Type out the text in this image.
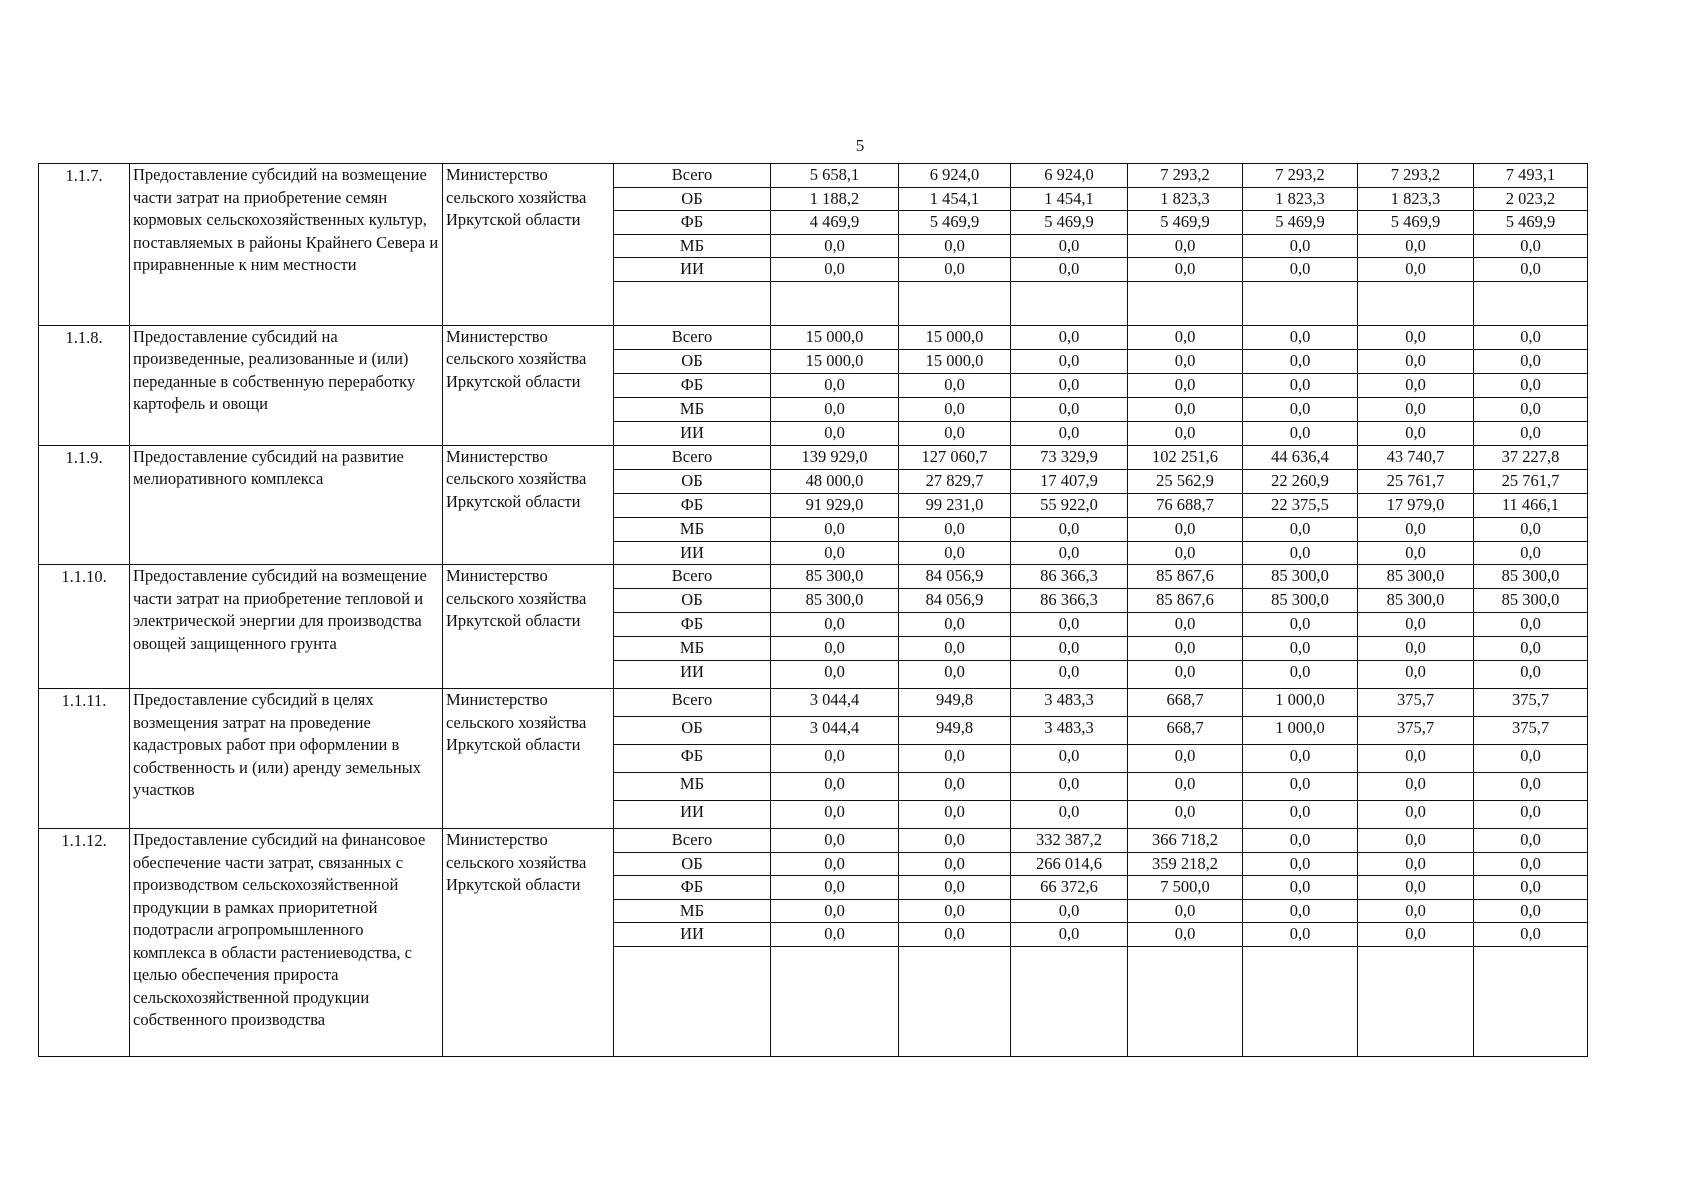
5
1.1.7.	Предоставление субсидий на возмещение части затрат на приобретение семян кормовых сельскохозяйственных культур, поставляемых в районы Крайнего Севера и приравненные к ним местности	Министерство сельского хозяйства Иркутской области	Всего	5 658,1	6 924,0	6 924,0	7 293,2	7 293,2	7 293,2	7 493,1
			ОБ	1 188,2	1 454,1	1 454,1	1 823,3	1 823,3	1 823,3	2 023,2
			ФБ	4 469,9	5 469,9	5 469,9	5 469,9	5 469,9	5 469,9	5 469,9
			МБ	0,0	0,0	0,0	0,0	0,0	0,0	0,0
			ИИ	0,0	0,0	0,0	0,0	0,0	0,0	0,0

1.1.8.	Предоставление субсидий на произведенные, реализованные и (или) переданные в собственную переработку картофель и овощи	Министерство сельского хозяйства Иркутской области	Всего	15 000,0	15 000,0	0,0	0,0	0,0	0,0	0,0
			ОБ	15 000,0	15 000,0	0,0	0,0	0,0	0,0	0,0
			ФБ	0,0	0,0	0,0	0,0	0,0	0,0	0,0
			МБ	0,0	0,0	0,0	0,0	0,0	0,0	0,0
			ИИ	0,0	0,0	0,0	0,0	0,0	0,0	0,0
1.1.9.	Предоставление субсидий на развитие мелиоративного комплекса	Министерство сельского хозяйства Иркутской области	Всего	139 929,0	127 060,7	73 329,9	102 251,6	44 636,4	43 740,7	37 227,8
			ОБ	48 000,0	27 829,7	17 407,9	25 562,9	22 260,9	25 761,7	25 761,7
			ФБ	91 929,0	99 231,0	55 922,0	76 688,7	22 375,5	17 979,0	11 466,1
			МБ	0,0	0,0	0,0	0,0	0,0	0,0	0,0
			ИИ	0,0	0,0	0,0	0,0	0,0	0,0	0,0
1.1.10.	Предоставление субсидий на возмещение части затрат на приобретение тепловой и электрической энергии для производства овощей защищенного грунта	Министерство сельского хозяйства Иркутской области	Всего	85 300,0	84 056,9	86 366,3	85 867,6	85 300,0	85 300,0	85 300,0
			ОБ	85 300,0	84 056,9	86 366,3	85 867,6	85 300,0	85 300,0	85 300,0
			ФБ	0,0	0,0	0,0	0,0	0,0	0,0	0,0
			МБ	0,0	0,0	0,0	0,0	0,0	0,0	0,0
			ИИ	0,0	0,0	0,0	0,0	0,0	0,0	0,0
1.1.11.	Предоставление субсидий в целях возмещения затрат на проведение кадастровых работ при оформлении в собственность и (или) аренду земельных участков	Министерство сельского хозяйства Иркутской области	Всего	3 044,4	949,8	3 483,3	668,7	1 000,0	375,7	375,7
			ОБ	3 044,4	949,8	3 483,3	668,7	1 000,0	375,7	375,7
			ФБ	0,0	0,0	0,0	0,0	0,0	0,0	0,0
			МБ	0,0	0,0	0,0	0,0	0,0	0,0	0,0
			ИИ	0,0	0,0	0,0	0,0	0,0	0,0	0,0
1.1.12.	Предоставление субсидий на финансовое обеспечение части затрат, связанных с производством сельскохозяйственной продукции в рамках приоритетной подотрасли агропромышленного комплекса в области растениеводства, с целью обеспечения прироста сельскохозяйственной продукции собственного производства	Министерство сельского хозяйства Иркутской области	Всего	0,0	0,0	332 387,2	366 718,2	0,0	0,0	0,0
			ОБ	0,0	0,0	266 014,6	359 218,2	0,0	0,0	0,0
			ФБ	0,0	0,0	66 372,6	7 500,0	0,0	0,0	0,0
			МБ	0,0	0,0	0,0	0,0	0,0	0,0	0,0
			ИИ	0,0	0,0	0,0	0,0	0,0	0,0	0,0
